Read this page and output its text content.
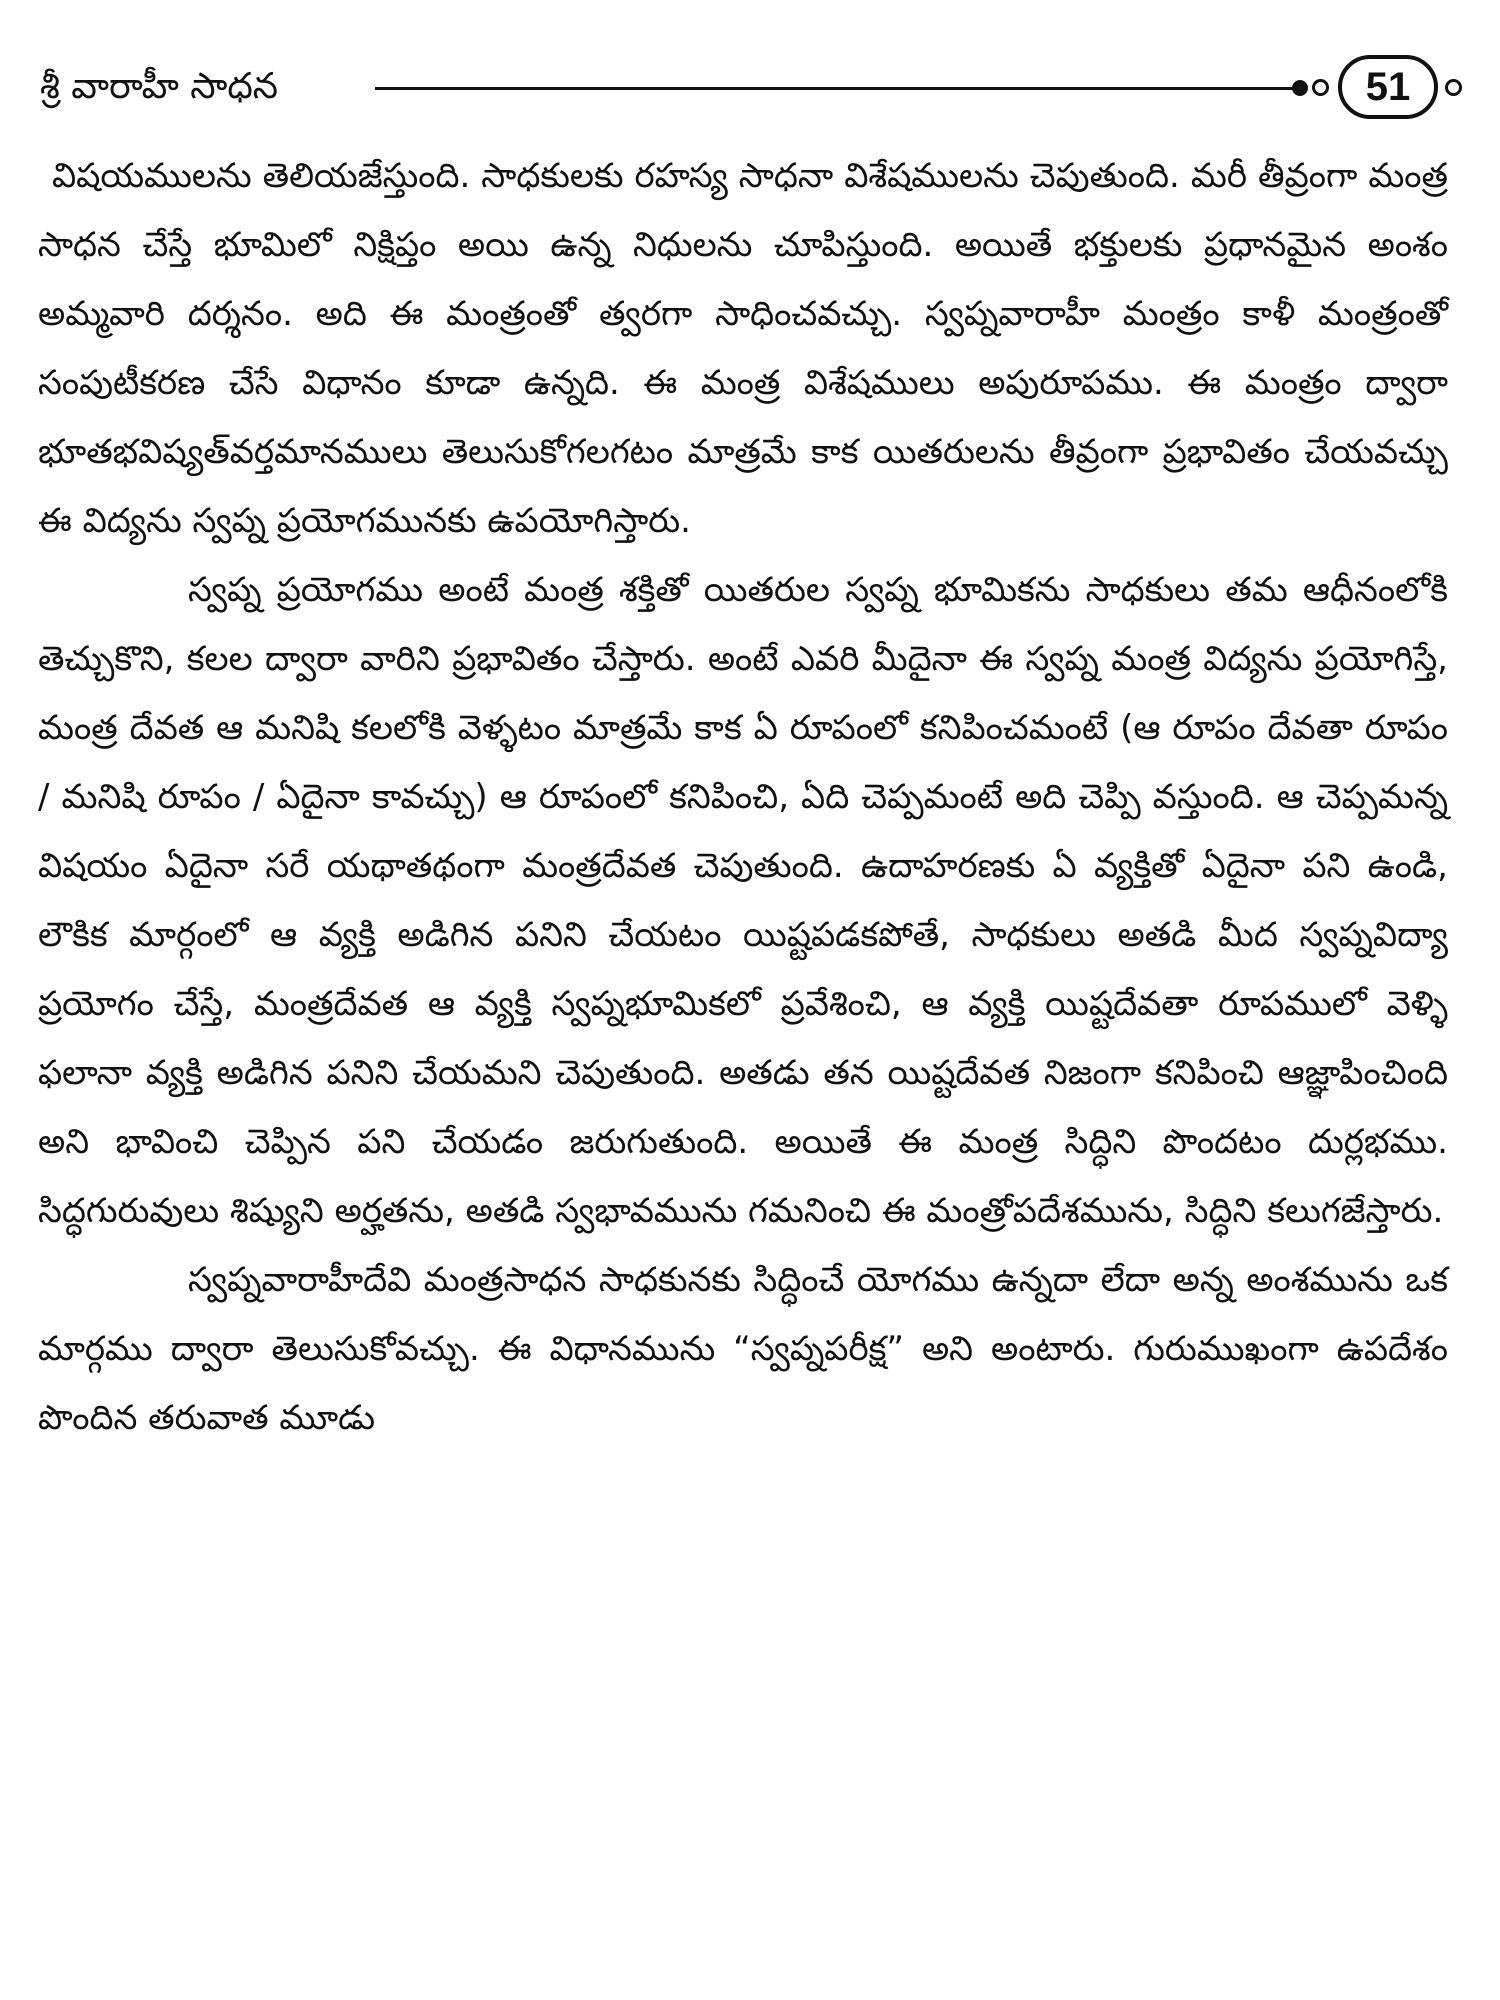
శ్రీ వారాహీ సాధన	51

విషయములను తెలియజేస్తుంది. సాధకులకు రహస్య సాధనా విశేషములను చెపుతుంది. మరీ తీవ్రంగా మంత్ర సాధన చేస్తే భూమిలో నిక్షిప్తం అయి ఉన్న నిధులను చూపిస్తుంది. అయితే భక్తులకు ప్రధానమైన అంశం అమ్మవారి దర్శనం. అది ఈ మంత్రంతో త్వరగా సాధించవచ్చు. స్వప్నవారాహీ మంత్రం కాళీ మంత్రంతో సంపుటీకరణ చేసే విధానం కూడా ఉన్నది. ఈ మంత్ర విశేషములు అపురూపము. ఈ మంత్రం ద్వారా భూతభవిష్యత్‌వర్తమానములు తెలుసుకోగలగటం మాత్రమే కాక యితరులను తీవ్రంగా ప్రభావితం చేయవచ్చు ఈ విద్యను స్వప్న ప్రయోగమునకు ఉపయోగిస్తారు.

స్వప్న ప్రయోగము అంటే మంత్ర శక్తితో యితరుల స్వప్న భూమికను సాధకులు తమ ఆధీనంలోకి తెచ్చుకొని, కలల ద్వారా వారిని ప్రభావితం చేస్తారు. అంటే ఎవరి మీదైనా ఈ స్వప్న మంత్ర విద్యను ప్రయోగిస్తే, మంత్ర దేవత ఆ మనిషి కలలోకి వెళ్ళటం మాత్రమే కాక ఏ రూపంలో కనిపించమంటే (ఆ రూపం దేవతా రూపం / మనిషి రూపం / ఏదైనా కావచ్చు) ఆ రూపంలో కనిపించి, ఏది చెప్పమంటే అది చెప్పి వస్తుంది. ఆ చెప్పమన్న విషయం ఏదైనా సరే యథాతథంగా మంత్రదేవత చెపుతుంది. ఉదాహరణకు ఏ వ్యక్తితో ఏదైనా పని ఉండి, లౌకిక మార్గంలో ఆ వ్యక్తి అడిగిన పనిని చేయటం యిష్టపడకపోతే, సాధకులు అతడి మీద స్వప్నవిద్యా ప్రయోగం చేస్తే, మంత్రదేవత ఆ వ్యక్తి స్వప్నభూమికలో ప్రవేశించి, ఆ వ్యక్తి యిష్టదేవతా రూపములో వెళ్ళి ఫలానా వ్యక్తి అడిగిన పనిని చేయమని చెపుతుంది. అతడు తన యిష్టదేవత నిజంగా కనిపించి ఆజ్ఞాపించింది అని భావించి చెప్పిన పని చేయడం జరుగుతుంది. అయితే ఈ మంత్ర సిద్ధిని పొందటం దుర్లభము. సిద్ధగురువులు శిష్యుని అర్హతను, అతడి స్వభావమును గమనించి ఈ మంత్రోపదేశమును, సిద్ధిని కలుగజేస్తారు.

స్వప్నవారాహీదేవి మంత్రసాధన సాధకునకు సిద్ధించే యోగము ఉన్నదా లేదా అన్న అంశమును ఒక మార్గము ద్వారా తెలుసుకోవచ్చు. ఈ విధానమును “స్వప్నపరీక్ష” అని అంటారు. గురుముఖంగా ఉపదేశం పొందిన తరువాత మూడు
